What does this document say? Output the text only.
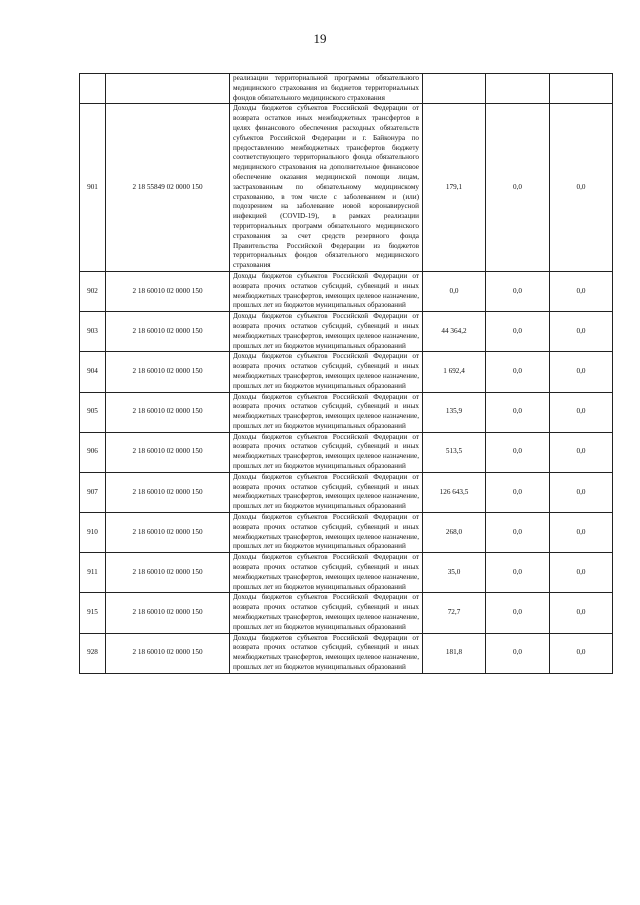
19
		реализации территориальной программы обязательного медицинского страхования из бюджетов территориальных фондов обязательного медицинского страхования			
901	2 18 55849 02 0000 150	Доходы бюджетов субъектов Российской Федерации от возврата остатков иных межбюджетных трансфертов в целях финансового обеспечения расходных обязательств субъектов Российской Федерации и г. Байконура по предоставлению межбюджетных трансфертов бюджету соответствующего территориального фонда обязательного медицинского страхования на дополнительное финансовое обеспечение оказания медицинской помощи лицам, застрахованным по обязательному медицинскому страхованию, в том числе с заболеванием и (или) подозрением на заболевание новой коронавирусной инфекцией (COVID-19), в рамках реализации территориальных программ обязательного медицинского страхования за счет средств резервного фонда Правительства Российской Федерации из бюджетов территориальных фондов обязательного медицинского страхования	179,1	0,0	0,0
902	2 18 60010 02 0000 150	Доходы бюджетов субъектов Российской Федерации от возврата прочих остатков субсидий, субвенций и иных межбюджетных трансфертов, имеющих целевое назначение, прошлых лет из бюджетов муниципальных образований	0,0	0,0	0,0
903	2 18 60010 02 0000 150	Доходы бюджетов субъектов Российской Федерации от возврата прочих остатков субсидий, субвенций и иных межбюджетных трансфертов, имеющих целевое назначение, прошлых лет из бюджетов муниципальных образований	44 364,2	0,0	0,0
904	2 18 60010 02 0000 150	Доходы бюджетов субъектов Российской Федерации от возврата прочих остатков субсидий, субвенций и иных межбюджетных трансфертов, имеющих целевое назначение, прошлых лет из бюджетов муниципальных образований	1 692,4	0,0	0,0
905	2 18 60010 02 0000 150	Доходы бюджетов субъектов Российской Федерации от возврата прочих остатков субсидий, субвенций и иных межбюджетных трансфертов, имеющих целевое назначение, прошлых лет из бюджетов муниципальных образований	135,9	0,0	0,0
906	2 18 60010 02 0000 150	Доходы бюджетов субъектов Российской Федерации от возврата прочих остатков субсидий, субвенций и иных межбюджетных трансфертов, имеющих целевое назначение, прошлых лет из бюджетов муниципальных образований	513,5	0,0	0,0
907	2 18 60010 02 0000 150	Доходы бюджетов субъектов Российской Федерации от возврата прочих остатков субсидий, субвенций и иных межбюджетных трансфертов, имеющих целевое назначение, прошлых лет из бюджетов муниципальных образований	126 643,5	0,0	0,0
910	2 18 60010 02 0000 150	Доходы бюджетов субъектов Российской Федерации от возврата прочих остатков субсидий, субвенций и иных межбюджетных трансфертов, имеющих целевое назначение, прошлых лет из бюджетов муниципальных образований	268,0	0,0	0,0
911	2 18 60010 02 0000 150	Доходы бюджетов субъектов Российской Федерации от возврата прочих остатков субсидий, субвенций и иных межбюджетных трансфертов, имеющих целевое назначение, прошлых лет из бюджетов муниципальных образований	35,0	0,0	0,0
915	2 18 60010 02 0000 150	Доходы бюджетов субъектов Российской Федерации от возврата прочих остатков субсидий, субвенций и иных межбюджетных трансфертов, имеющих целевое назначение, прошлых лет из бюджетов муниципальных образований	72,7	0,0	0,0
928	2 18 60010 02 0000 150	Доходы бюджетов субъектов Российской Федерации от возврата прочих остатков субсидий, субвенций и иных межбюджетных трансфертов, имеющих целевое назначение, прошлых лет из бюджетов муниципальных образований	181,8	0,0	0,0
